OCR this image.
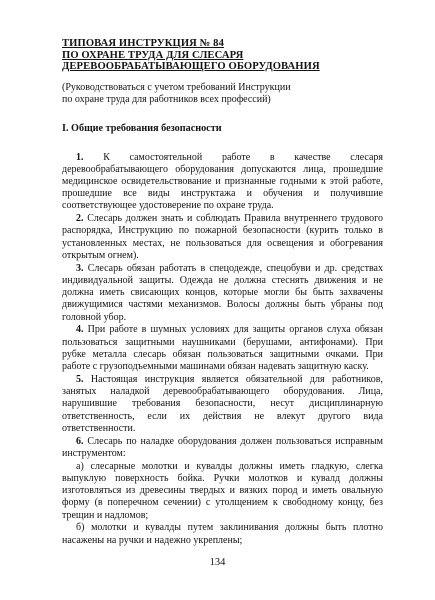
ТИПОВАЯ ИНСТРУКЦИЯ № 84
ПО ОХРАНЕ ТРУДА ДЛЯ СЛЕСАРЯ
ДЕРЕВООБРАБАТЫВАЮЩЕГО ОБОРУДОВАНИЯ
(Руководствоваться с учетом требований Инструкции
по охране труда для работников всех профессий)
I. Общие требования безопасности

1. К самостоятельной работе в качестве слесаря деревообрабатывающего оборудования допускаются лица, прошедшие медицинское освидетельствование и признанные годными к этой работе, прошедшие все виды инструктажа и обучения и получившие соответствующее удостоверение по охране труда.

2. Слесарь должен знать и соблюдать Правила внутреннего трудового распорядка, Инструкцию по пожарной безопасности (курить только в установленных местах, не пользоваться для освещения и обогревания открытым огнем).

3. Слесарь обязан работать в спецодежде, спецобуви и др. средствах индивидуальной защиты. Одежда не должна стеснять движения и не должна иметь свисающих концов, которые могли бы быть захвачены движущимися частями механизмов. Волосы должны быть убраны под головной убор.

4. При работе в шумных условиях для защиты органов слуха обязан пользоваться защитными наушниками (берушами, антифонами). При рубке металла слесарь обязан пользоваться защитными очками. При работе с грузоподъемными машинами обязан надевать защитную каску.

5. Настоящая инструкция является обязательной для работников, занятых наладкой деревообрабатывающего оборудования. Лица, нарушившие требования безопасности, несут дисциплинарную ответственность, если их действия не влекут другого вида ответственности.

6. Слесарь по наладке оборудования должен пользоваться исправным инструментом:

а) слесарные молотки и кувалды должны иметь гладкую, слегка выпуклую поверхность бойка. Ручки молотков и кувалд должны изготовляться из древесины твердых и вязких пород и иметь овальную форму (в поперечном сечении) с утолщением к свободному концу, без трещин и надломов;

б) молотки и кувалды путем заклинивания должны быть плотно насажены на ручки и надежно укреплены;

134
